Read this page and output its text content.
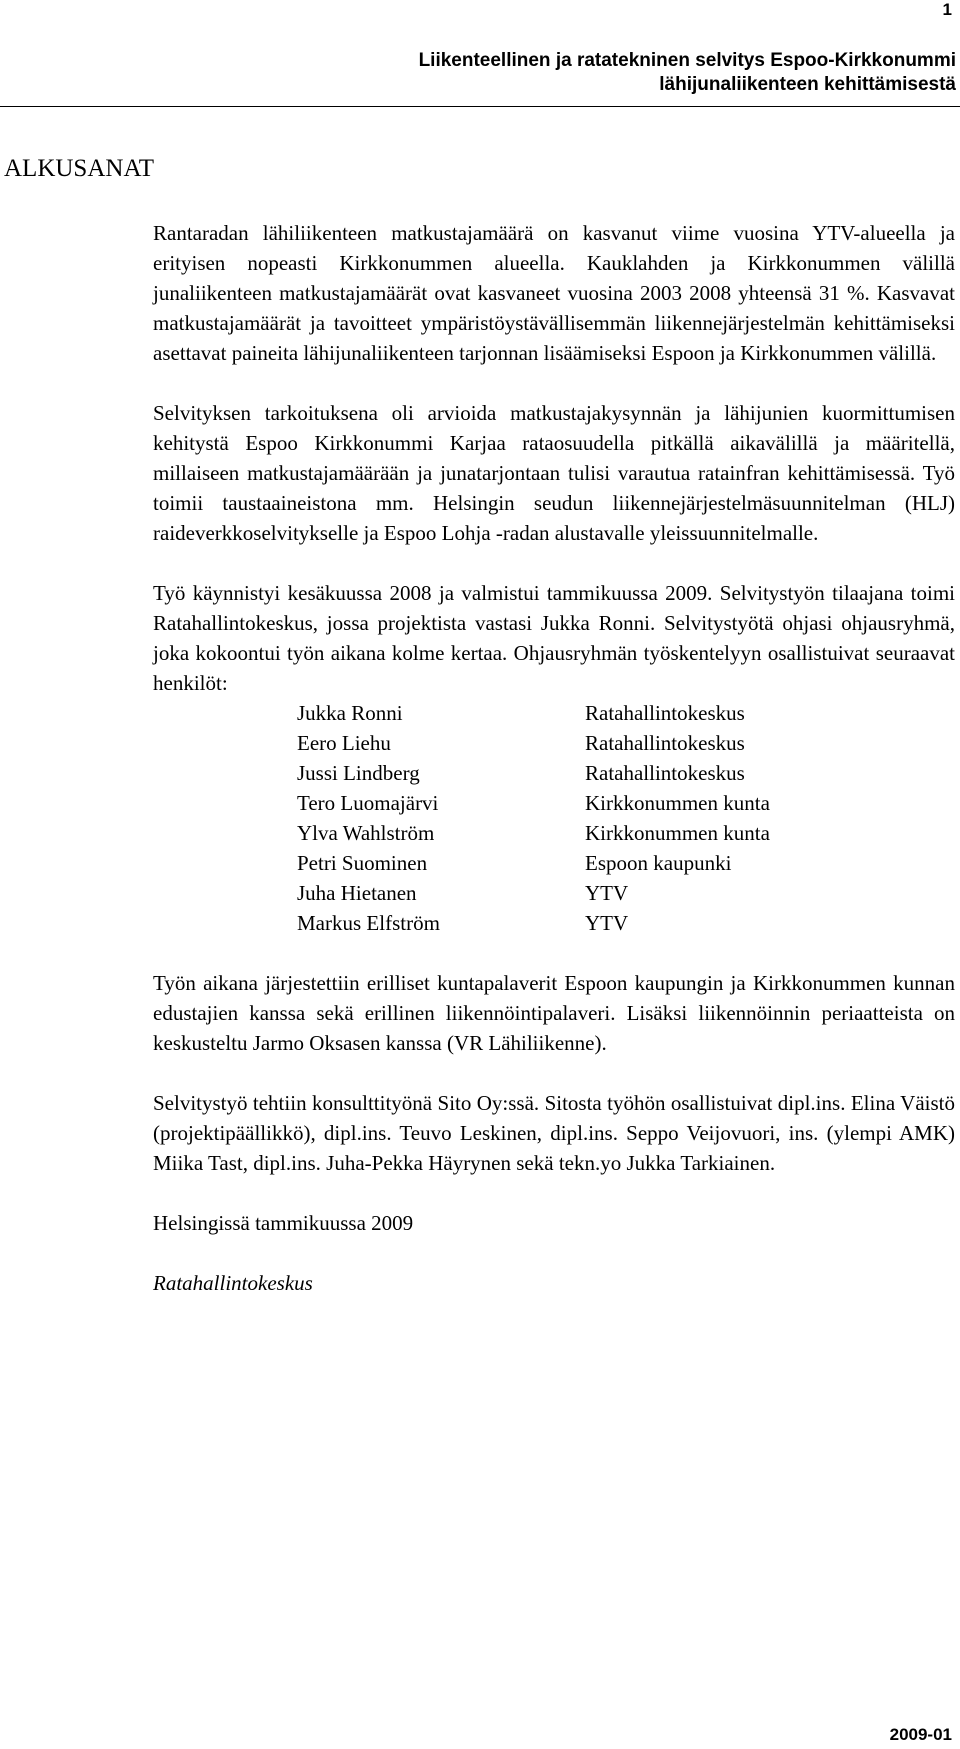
1
Liikenteellinen ja ratatekninen selvitys Espoo-Kirkkonummi
lähijunaliikenteen kehittämisestä
ALKUSANAT

Rantaradan lähiliikenteen matkustajamäärä on kasvanut viime vuosina YTV-alueella ja erityisen nopeasti Kirkkonummen alueella. Kauklahden ja Kirkkonummen välillä junaliikenteen matkustajamäärät ovat kasvaneet vuosina 2003 2008 yhteensä 31 %. Kasvavat matkustajamäärät ja tavoitteet ympäristöystävällisemmän liikennejärjestelmän kehittämiseksi asettavat paineita lähijunaliikenteen tarjonnan lisäämiseksi Espoon ja Kirkkonummen välillä.

Selvityksen tarkoituksena oli arvioida matkustajakysynnän ja lähijunien kuormittumisen kehitystä Espoo Kirkkonummi Karjaa rataosuudella pitkällä aikavälillä ja määritellä, millaiseen matkustajamäärään ja junatarjontaan tulisi varautua ratainfran kehittämisessä. Työ toimii taustaaineistona mm. Helsingin seudun liikennejärjestelmäsuunnitelman (HLJ) raideverkkoselvitykselle ja Espoo Lohja -radan alustavalle yleissuunnitelmalle.

Työ käynnistyi kesäkuussa 2008 ja valmistui tammikuussa 2009. Selvitystyön tilaajana toimi Ratahallintokeskus, jossa projektista vastasi Jukka Ronni. Selvitystyötä ohjasi ohjausryhmä, joka kokoontui työn aikana kolme kertaa. Ohjausryhmän työskentelyyn osallistuivat seuraavat henkilöt:

Jukka Ronni	Ratahallintokeskus
Eero Liehu	Ratahallintokeskus
Jussi Lindberg	Ratahallintokeskus
Tero Luomajärvi	Kirkkonummen kunta
Ylva Wahlström	Kirkkonummen kunta
Petri Suominen	Espoon kaupunki
Juha Hietanen	YTV
Markus Elfström	YTV

Työn aikana järjestettiin erilliset kuntapalaverit Espoon kaupungin ja Kirkkonummen kunnan edustajien kanssa sekä erillinen liikennöintipalaveri. Lisäksi liikennöinnin periaatteista on keskusteltu Jarmo Oksasen kanssa (VR Lähiliikenne).

Selvitystyö tehtiin konsulttityönä Sito Oy:ssä. Sitosta työhön osallistuivat dipl.ins. Elina Väistö (projektipäällikkö), dipl.ins. Teuvo Leskinen, dipl.ins. Seppo Veijovuori, ins. (ylempi AMK) Miika Tast, dipl.ins. Juha-Pekka Häyrynen sekä tekn.yo Jukka Tarkiainen.

Helsingissä tammikuussa 2009

Ratahallintokeskus

2009-01
